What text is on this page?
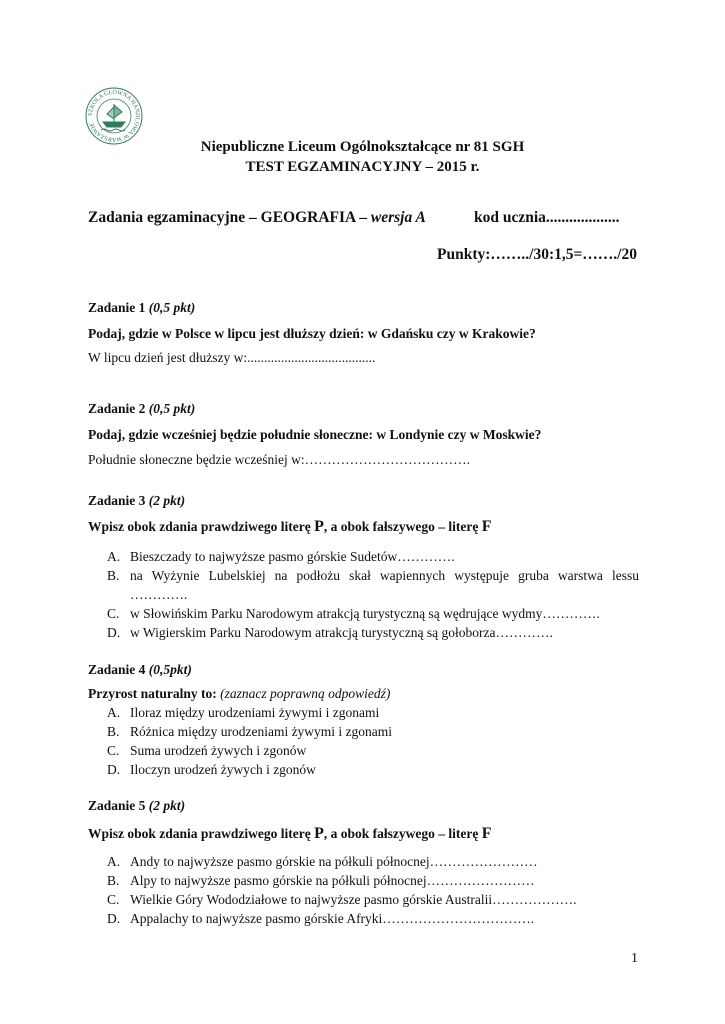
SZKOŁA GŁÓWNA HANDLOWA W WARSZAWIE
Niepubliczne Liceum Ogólnokształcące nr 81 SGH
TEST EGZAMINACYJNY – 2015 r.
Zadania egzaminacyjne – GEOGRAFIA – wersja A	kod ucznia...................
Punkty:……../30:1,5=……./20
Zadanie 1 (0,5 pkt)
Podaj, gdzie w Polsce w lipcu jest dłuższy dzień: w Gdańsku czy w Krakowie?
W lipcu dzień jest dłuższy w:......................................
Zadanie 2 (0,5 pkt)
Podaj, gdzie wcześniej będzie południe słoneczne: w Londynie czy w Moskwie?
Południe słoneczne będzie wcześniej w:……………………………….
Zadanie 3 (2 pkt)
Wpisz obok zdania prawdziwego literę P, a obok fałszywego – literę F
A. Bieszczady to najwyższe pasmo górskie Sudetów………….
B. na Wyżynie Lubelskiej na podłożu skał wapiennych występuje gruba warstwa lessu ………….
C. w Słowińskim Parku Narodowym atrakcją turystyczną są wędrujące wydmy………….
D. w Wigierskim Parku Narodowym atrakcją turystyczną są gołoborza………….
Zadanie 4 (0,5pkt)
Przyrost naturalny to: (zaznacz poprawną odpowiedź)
A. Iloraz między urodzeniami żywymi i zgonami
B. Różnica między urodzeniami żywymi i zgonami
C. Suma urodzeń żywych i zgonów
D. Iloczyn urodzeń żywych i zgonów
Zadanie 5 (2 pkt)
Wpisz obok zdania prawdziwego literę P, a obok fałszywego – literę F
A. Andy to najwyższe pasmo górskie na półkuli północnej……………………
B. Alpy to najwyższe pasmo górskie na półkuli północnej……………………
C. Wielkie Góry Wododziałowe to najwyższe pasmo górskie Australii……………….
D. Appalachy to najwyższe pasmo górskie Afryki…………………………….
1
